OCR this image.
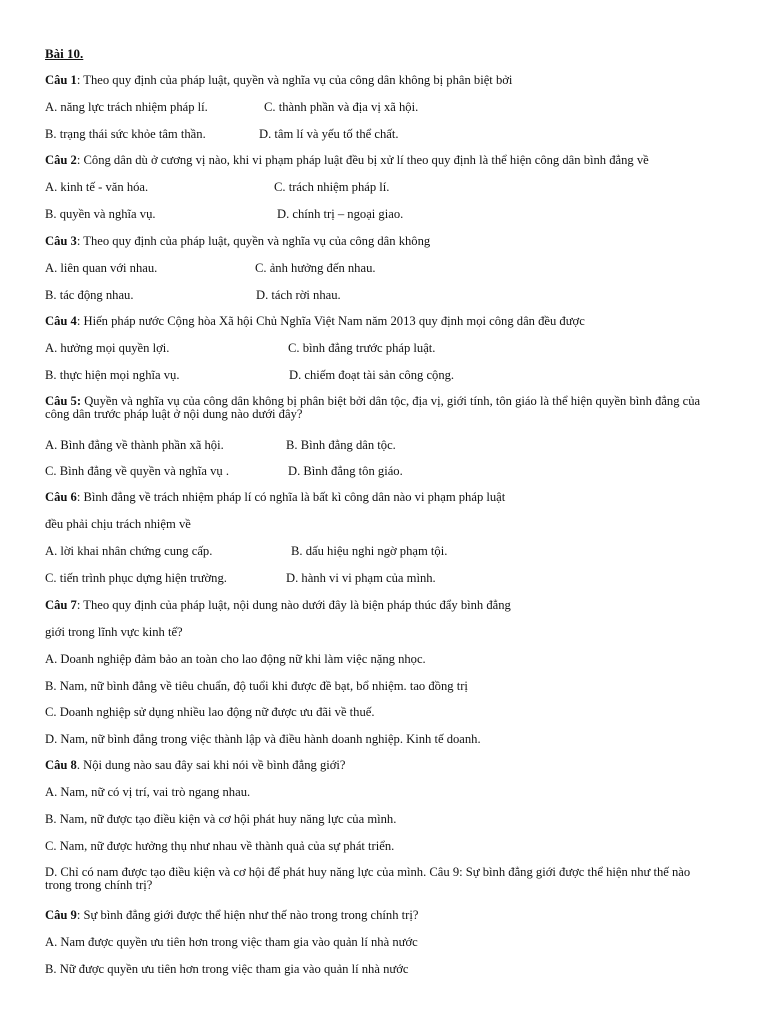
Bài 10.
Câu 1: Theo quy định của pháp luật, quyền và nghĩa vụ của công dân không bị phân biệt bởi
A. năng lực trách nhiệm pháp lí.	C. thành phần và địa vị xã hội.
B. trạng thái sức khỏe tâm thần.	D. tâm lí và yếu tố thể chất.
Câu 2: Công dân dù ở cương vị nào, khi vi phạm pháp luật đều bị xử lí theo quy định là thể hiện công dân bình đẳng về
A. kinh tế - văn hóa.	C. trách nhiệm pháp lí.
B. quyền và nghĩa vụ.	D. chính trị – ngoại giao.
Câu 3: Theo quy định của pháp luật, quyền và nghĩa vụ của công dân không
A. liên quan với nhau.	C. ảnh hưởng đến nhau.
B. tác động nhau.	D. tách rời nhau.
Câu 4: Hiến pháp nước Cộng hòa Xã hội Chủ Nghĩa Việt Nam năm 2013 quy định mọi công dân đều được
A. hưởng mọi quyền lợi.	C. bình đẳng trước pháp luật.
B. thực hiện mọi nghĩa vụ.	D. chiếm đoạt tài sản công cộng.
Câu 5: Quyền và nghĩa vụ của công dân không bị phân biệt bởi dân tộc, địa vị, giới tính, tôn giáo là thể hiện quyền bình đẳng của công dân trước pháp luật ở nội dung nào dưới đây?
A. Bình đẳng về thành phần xã hội.	B. Bình đẳng dân tộc.
C. Bình đẳng về quyền và nghĩa vụ .	D. Bình đẳng tôn giáo.
Câu 6: Bình đẳng về trách nhiệm pháp lí có nghĩa là bất kì công dân nào vi phạm pháp luật
đều phải chịu trách nhiệm về
A. lời khai nhân chứng cung cấp.	B. dấu hiệu nghi ngờ phạm tội.
C. tiến trình phục dựng hiện trường.	D. hành vi vi phạm của mình.
Câu 7: Theo quy định của pháp luật, nội dung nào dưới đây là biện pháp thúc đẩy bình đẳng
giới trong lĩnh vực kinh tế?
A. Doanh nghiệp đảm bảo an toàn cho lao động nữ khi làm việc nặng nhọc.
B. Nam, nữ bình đẳng về tiêu chuẩn, độ tuổi khi được đề bạt, bổ nhiệm. tao đồng trị
C. Doanh nghiệp sử dụng nhiều lao động nữ được ưu đãi về thuế.
D. Nam, nữ bình đẳng trong việc thành lập và điều hành doanh nghiệp. Kinh tế doanh.
Câu 8. Nội dung nào sau đây sai khi nói về bình đẳng giới?
A. Nam, nữ có vị trí, vai trò ngang nhau.
B. Nam, nữ được tạo điều kiện và cơ hội phát huy năng lực của mình.
C. Nam, nữ được hưởng thụ như nhau về thành quả của sự phát triển.
D. Chỉ có nam được tạo điều kiện và cơ hội để phát huy năng lực của mình. Câu 9: Sự bình đẳng giới được thể hiện như thế nào trong trong chính trị?
Câu 9: Sự bình đẳng giới được thể hiện như thế nào trong trong chính trị?
A. Nam được quyền ưu tiên hơn trong việc tham gia vào quản lí nhà nước
B. Nữ được quyền ưu tiên hơn trong việc tham gia vào quản lí nhà nước
